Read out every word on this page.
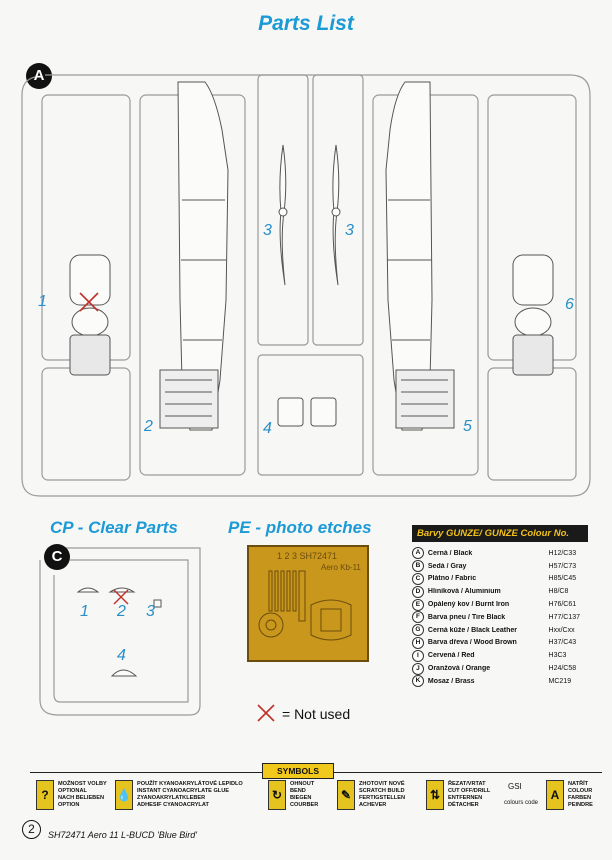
Parts List
A
1
2
3	3
4	5
6
CP - Clear Parts
C
1 2 3
4
PE - photo etches
1 2 3 SH72471
Aero Kb-11
Barvy GUNZE/ GUNZE Colour No.
A	Černá / Black	H12/C33
B	Šedá / Gray	H57/C73
C	Plátno / Fabric	H85/C45
D	Hliníková / Aluminium	H8/C8
E	Opálený kov / Burnt Iron	H76/C61
F	Barva pneu / Tire Black	H77/C137
G	Černá kůže / Black Leather	Hxx/Cxx
H	Barva dřeva / Wood Brown	H37/C43
I	Červená / Red	H3C3
J	Oranžová / Orange	H24/C58
K	Mosaz / Brass	MC219
= Not used
SYMBOLS
?
MOŽNOST VOLBY
OPTIONAL
NACH BELIEBEN
OPTION
💧
POUŽÍT KYANOAKRYLÁTOVÉ LEPIDLO
INSTANT CYANOACRYLATE GLUE
ZYANOAKRYLATKLEBER
ADHESIF CYANOACRYLAT
↻
OHNOUT
BEND
BIEGEN
COURBER
✎
ZHOTOVIT NOVÉ
SCRATCH BUILD
FERTIGSTELLEN
ACHEVER
⇅
ŘEZAT/VRTAT
CUT OFF/DRILL
ENTFERNEN
DÉTACHER
A
NATŘÍT
COLOUR
FARBEN
PEINDRE
GSI
colours code
2	SH72471 Aero 11 L-BUCD 'Blue Bird'
